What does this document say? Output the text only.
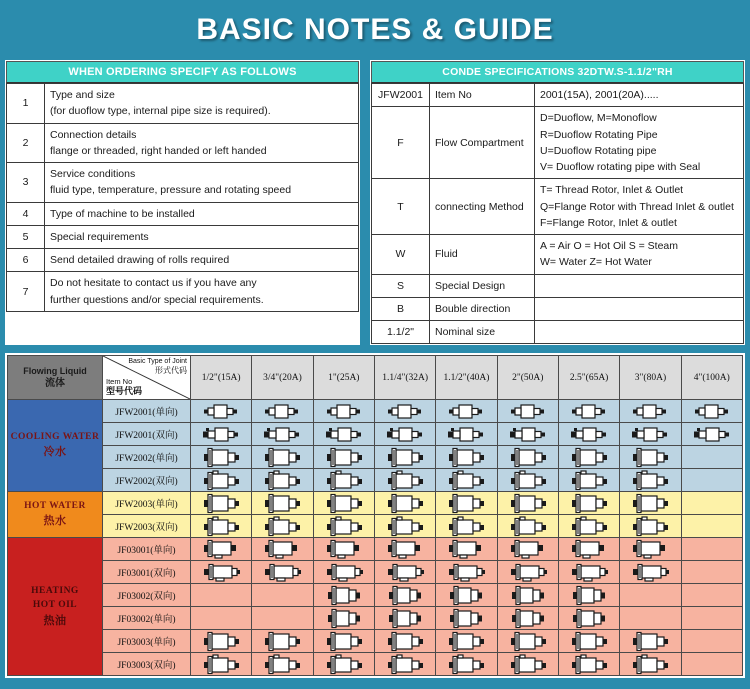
BASIC NOTES & GUIDE
WHEN ORDERING SPECIFY AS FOLLOWS
1	Type and size
(for duoflow type, internal pipe size is required).

2	Connection details
flange or threaded, right handed or left handed

3	Service conditions
fluid type, temperature, pressure and rotating speed

4	Type of machine to be installed

5	Special requirements

6	Send detailed drawing of rolls required

7	Do not hesitate to contact us if you have any
further questions and/or special requirements.
CONDE SPECIFICATIONS 32DTW.S-1.1/2"RH
JFW2001	Item No	2001(15A), 2001(20A).....

F	Flow Compartment	D=Duoflow, M=Monoflow
R=Duoflow Rotating Pipe
U=Duoflow Rotating pipe
V= Duoflow rotating pipe with Seal

T	connecting Method	T= Thread Rotor, Inlet & Outlet
Q=Flange Rotor with Thread Inlet & outlet
F=Flange Rotor, Inlet & outlet

W	Fluid	A = Air O = Hot Oil S = Steam
W= Water Z= Hot Water

S	Special Design	

B	Bouble direction	

1.1/2"	Nominal size	

Flowing Liquid
流体

Basic Type of Joint
形式代码
Item No
型号代码
	1/2"(15A)	3/4"(20A)	1"(25A)	1.1/4"(32A)	1.1/2"(40A)	2"(50A)	2.5"(65A)	3"(80A)	4"(100A)

COOLING WATER
冷水	JFW2001(单向)	

	JFW2001(双向)	

	JFW2002(单向)	

	JFW2002(双向)	

HOT WATER
热水	JFW2003(单向)	

	JFW2003(双向)	

HEATING
HOT OIL
热油	JF03001(单向)	

	JF03001(双向)	

	JF03002(双向)			

	JF03002(单向)			

	JF03003(单向)	

	JF03003(双向)	
